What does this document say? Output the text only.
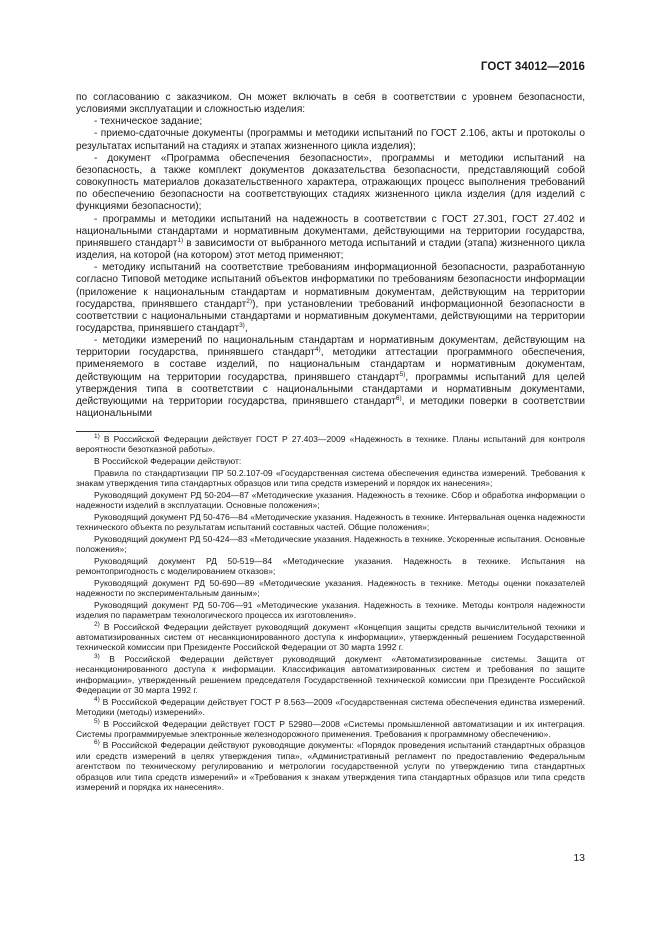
ГОСТ 34012—2016

по согласованию с заказчиком. Он может включать в себя в соответствии с уровнем безопасности, условиями эксплуатации и сложностью изделия:

- техническое задание;

- приемо-сдаточные документы (программы и методики испытаний по ГОСТ 2.106, акты и протоколы о результатах испытаний на стадиях и этапах жизненного цикла изделия);

- документ «Программа обеспечения безопасности», программы и методики испытаний на безопасность, а также комплект документов доказательства безопасности, представляющий собой совокупность материалов доказательственного характера, отражающих процесс выполнения требований по обеспечению безопасности на соответствующих стадиях жизненного цикла изделия (для изделий с функциями безопасности);

- программы и методики испытаний на надежность в соответствии с ГОСТ 27.301, ГОСТ 27.402 и национальными стандартами и нормативным документами, действующими на территории государства, принявшего стандарт$^{1)}$ в зависимости от выбранного метода испытаний и стадии (этапа) жизненного цикла изделия, на которой (на котором) этот метод применяют;

- методику испытаний на соответствие требованиям информационной безопасности, разработанную согласно Типовой методике испытаний объектов информатики по требованиям безопасности информации (приложение к национальным стандартам и нормативным документам, действующим на территории государства, принявшего стандарт$^{2)}$), при установлении требований информационной безопасности в соответствии с национальными стандартами и нормативным документами, действующими на территории государства, принявшего стандарт$^{3)}$,

- методики измерений по национальным стандартам и нормативным документам, действующим на территории государства, принявшего стандарт$^{4)}$, методики аттестации программного обеспечения, применяемого в составе изделий, по национальным стандартам и нормативным документам, действующим на территории государства, принявшего стандарт$^{5)}$, программы испытаний для целей утверждения типа в соответствии с национальными стандартами и нормативным документами, действующими на территории государства, принявшего стандарт$^{6)}$, и методики поверки в соответствии национальными

$^{1)}$ В Российской Федерации действует ГОСТ Р 27.403—2009 «Надежность в технике. Планы испытаний для контроля вероятности безотказной работы».

В Российской Федерации действуют:

Правила по стандартизации ПР 50.2.107-09 «Государственная система обеспечения единства измерений. Требования к знакам утверждения типа стандартных образцов или типа средств измерений и порядок их нанесения»;

Руководящий документ РД 50-204—87 «Методические указания. Надежность в технике. Сбор и обработка информации о надежности изделий в эксплуатации. Основные положения»;

Руководящий документ РД 50-476—84 «Методические указания. Надежность в технике. Интервальная оценка надежности технического объекта по результатам испытаний составных частей. Общие положения»;

Руководящий документ РД 50-424—83 «Методические указания. Надежность в технике. Ускоренные испытания. Основные положения»;

Руководящий документ РД 50-519—84 «Методические указания. Надежность в технике. Испытания на ремонтопригодность с моделированием отказов»;

Руководящий документ РД 50-690—89 «Методические указания. Надежность в технике. Методы оценки показателей надежности по экспериментальным данным»;

Руководящий документ РД 50-706—91 «Методические указания. Надежность в технике. Методы контроля надежности изделия по параметрам технологического процесса их изготовления».

$^{2)}$ В Российской Федерации действует руководящий документ «Концепция защиты средств вычислительной техники и автоматизированных систем от несанкционированного доступа к информации», утвержденный решением Государственной технической комиссии при Президенте Российской Федерации от 30 марта 1992 г.

$^{3)}$ В Российской Федерации действует руководящий документ «Автоматизированные системы. Защита от несанкционированного доступа к информации. Классификация автоматизированных систем и требования по защите информации», утвержденный решением председателя Государственной технической комиссии при Президенте Российской Федерации от 30 марта 1992 г.

$^{4)}$ В Российской Федерации действует ГОСТ Р 8.563—2009 «Государственная система обеспечения единства измерений. Методики (методы) измерений».

$^{5)}$ В Российской Федерации действует ГОСТ Р 52980—2008 «Системы промышленной автоматизации и их интеграция. Системы программируемые электронные железнодорожного применения. Требования к программному обеспечению».

$^{6)}$ В Российской Федерации действуют руководящие документы: «Порядок проведения испытаний стандартных образцов или средств измерений в целях утверждения типа», «Административный регламент по предоставлению Федеральным агентством по техническому регулированию и метрологии государственной услуги по утверждению типа стандартных образцов или типа средств измерений» и «Требования к знакам утверждения типа стандартных образцов или типа средств измерений и порядка их нанесения».

13
